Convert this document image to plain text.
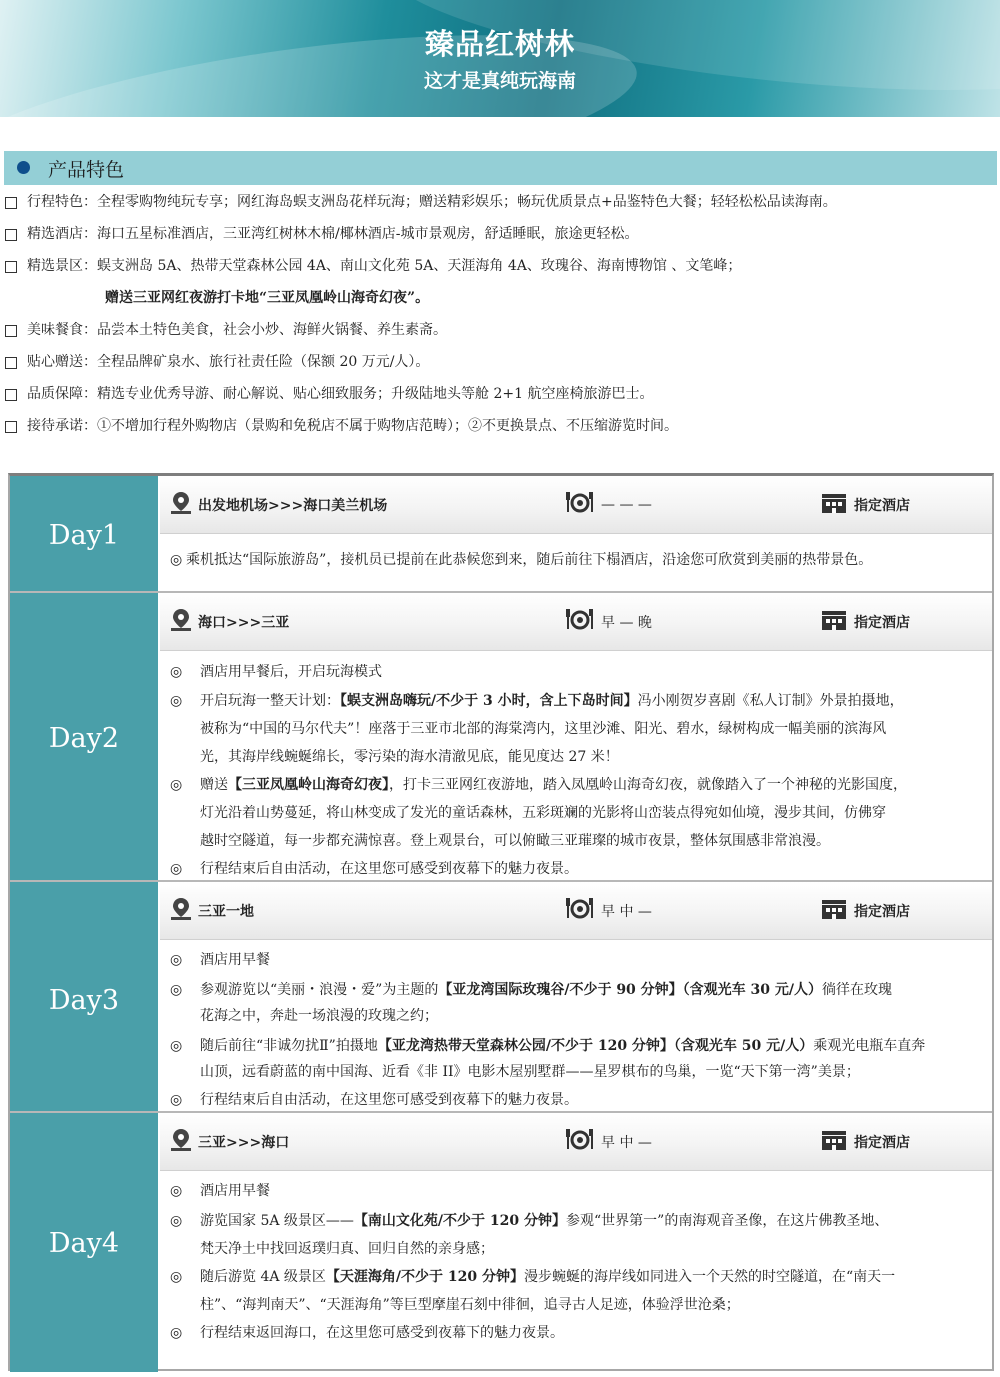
臻品红树林
这才是真纯玩海南
产品特色
行程特色：全程零购物纯玩专享；网红海岛蜈支洲岛花样玩海；赠送精彩娱乐；畅玩优质景点+品鉴特色大餐；轻轻松松品读海南。
精选酒店：海口五星标准酒店，三亚湾红树林木棉/椰林酒店-城市景观房，舒适睡眠，旅途更轻松。
精选景区：蜈支洲岛 5A、热带天堂森林公园 4A、南山文化苑 5A、天涯海角 4A、玫瑰谷、海南博物馆 、文笔峰；
赠送三亚网红夜游打卡地“三亚凤凰岭山海奇幻夜”。
美味餐食：品尝本土特色美食，社会小炒、海鲜火锅餐、养生素斋。
贴心赠送：全程品牌矿泉水、旅行社责任险（保额 20 万元/人）。
品质保障：精选专业优秀导游、耐心解说、贴心细致服务；升级陆地头等舱 2+1 航空座椅旅游巴士。
接待承诺：①不增加行程外购物店（景购和免税店不属于购物店范畴）；②不更换景点、不压缩游览时间。
Day1
出发地机场>>>海口美兰机场	— — —	指定酒店
◎ 乘机抵达“国际旅游岛”，接机员已提前在此恭候您到来，随后前往下榻酒店，沿途您可欣赏到美丽的热带景色。
Day2
海口>>>三亚	早 — 晚	指定酒店
◎ 酒店用早餐后，开启玩海模式
◎ 开启玩海一整天计划：【蜈支洲岛嗨玩/不少于 3 小时，含上下岛时间】冯小刚贺岁喜剧《私人订制》外景拍摄地，
被称为“中国的马尔代夫”！座落于三亚市北部的海棠湾内，这里沙滩、阳光、碧水，绿树构成一幅美丽的滨海风
光，其海岸线蜿蜒绵长，零污染的海水清澈见底，能见度达 27 米！
◎ 赠送【三亚凤凰岭山海奇幻夜】，打卡三亚网红夜游地，踏入凤凰岭山海奇幻夜，就像踏入了一个神秘的光影国度，
灯光沿着山势蔓延，将山林变成了发光的童话森林，五彩斑斓的光影将山峦装点得宛如仙境，漫步其间，仿佛穿
越时空隧道，每一步都充满惊喜。登上观景台，可以俯瞰三亚璀璨的城市夜景，整体氛围感非常浪漫。
◎ 行程结束后自由活动，在这里您可感受到夜幕下的魅力夜景。
Day3
三亚一地	早 中 —	指定酒店
◎ 酒店用早餐
◎ 参观游览以“美丽・浪漫・爱”为主题的【亚龙湾国际玫瑰谷/不少于 90 分钟】（含观光车 30 元/人）徜徉在玫瑰
花海之中，奔赴一场浪漫的玫瑰之约；
◎ 随后前往“非诚勿扰Ⅱ”拍摄地【亚龙湾热带天堂森林公园/不少于 120 分钟】（含观光车 50 元/人）乘观光电瓶车直奔
山顶，远看蔚蓝的南中国海、近看《非 II》电影木屋别墅群——星罗棋布的鸟巢，一览“天下第一湾”美景；
◎ 行程结束后自由活动，在这里您可感受到夜幕下的魅力夜景。
Day4
三亚>>>海口	早 中 —	指定酒店
◎ 酒店用早餐
◎ 游览国家 5A 级景区——【南山文化苑/不少于 120 分钟】参观“世界第一”的南海观音圣像，在这片佛教圣地、
梵天净土中找回返璞归真、回归自然的亲身感；
◎ 随后游览 4A 级景区【天涯海角/不少于 120 分钟】漫步蜿蜒的海岸线如同进入一个天然的时空隧道，在“南天一
柱”、“海判南天”、“天涯海角”等巨型摩崖石刻中徘徊，追寻古人足迹，体验浮世沧桑；
◎ 行程结束返回海口，在这里您可感受到夜幕下的魅力夜景。
